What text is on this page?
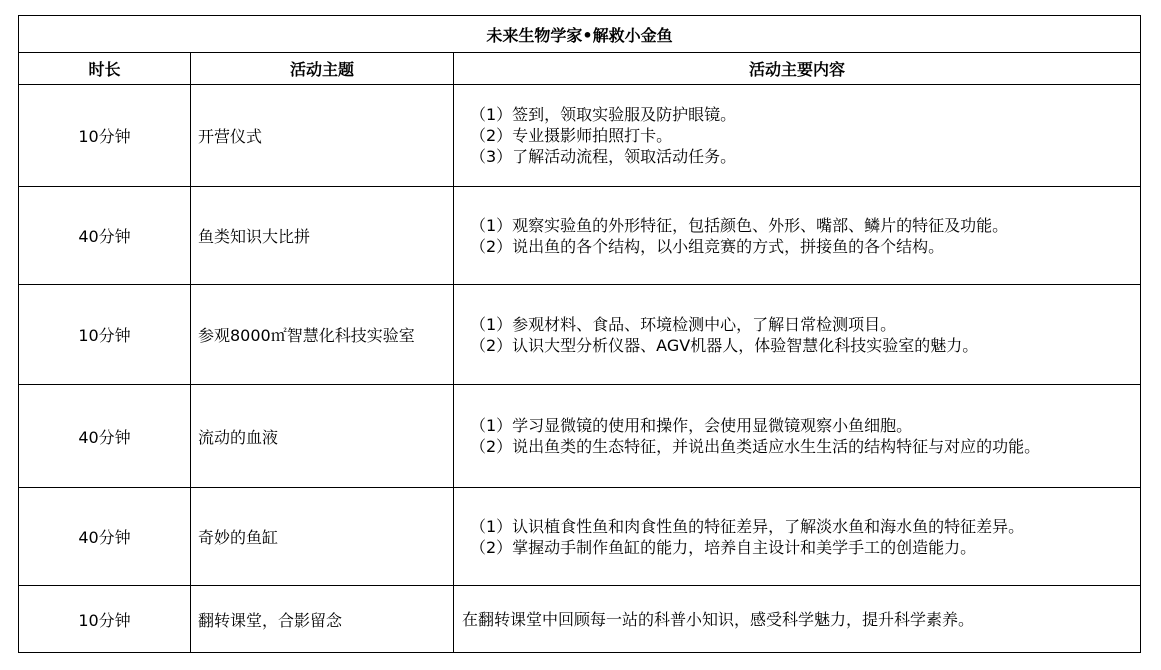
未来生物学家•解救小金鱼		
时长	活动主题	活动主要内容
10分钟	开营仪式	（1）签到，领取实验服及防护眼镜。
（2）专业摄影师拍照打卡。
（3）了解活动流程，领取活动任务。

40分钟	鱼类知识大比拼	（1）观察实验鱼的外形特征，包括颜色、外形、嘴部、鳞片的特征及功能。
（2）说出鱼的各个结构，以小组竞赛的方式，拼接鱼的各个结构。

10分钟	参观8000㎡智慧化科技实验室	（1）参观材料、食品、环境检测中心，了解日常检测项目。
（2）认识大型分析仪器、AGV机器人，体验智慧化科技实验室的魅力。

40分钟	流动的血液	（1）学习显微镜的使用和操作，会使用显微镜观察小鱼细胞。
（2）说出鱼类的生态特征，并说出鱼类适应水生生活的结构特征与对应的功能。

40分钟	奇妙的鱼缸	（1）认识植食性鱼和肉食性鱼的特征差异，了解淡水鱼和海水鱼的特征差异。
（2）掌握动手制作鱼缸的能力，培养自主设计和美学手工的创造能力。

10分钟	翻转课堂，合影留念	在翻转课堂中回顾每一站的科普小知识，感受科学魅力，提升科学素养。
